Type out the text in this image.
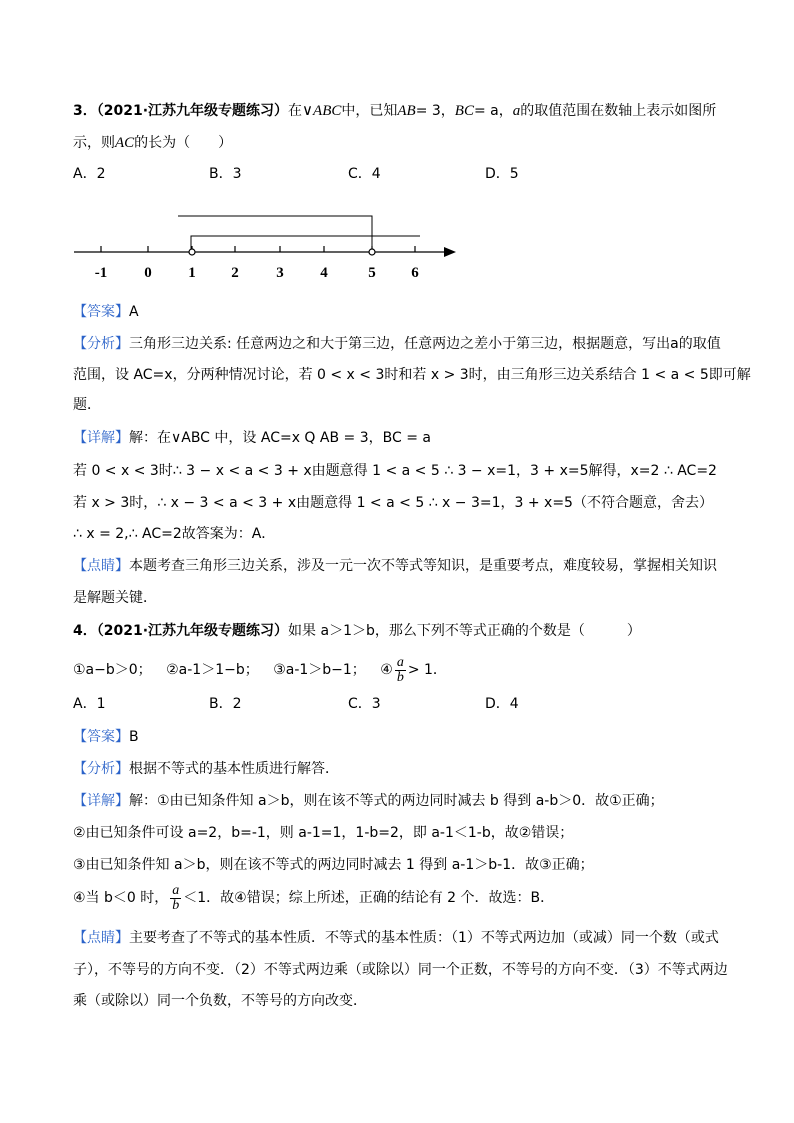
3．（2021·江苏九年级专题练习）在∨ABC中，已知AB= 3，BC= a，a的取值范围在数轴上表示如图所
示，则AC的长为（　　）
A．2	B．3	C．4	D．5
-1 0 1 2	3 4	5 6
【答案】A
【分析】三角形三边关系: 任意两边之和大于第三边，任意两边之差小于第三边，根据题意，写出a的取值
范围，设 AC=x，分两种情况讨论，若 0 < x < 3时和若 x > 3时，由三角形三边关系结合 1 < a < 5即可解
题．
【详解】解：在∨ABC 中，设 AC=x Q AB = 3，BC = a
若 0 < x < 3时∴ 3 − x < a < 3 + x由题意得 1 < a < 5 ∴ 3 − x=1，3 + x=5解得，x=2 ∴ AC=2
若 x > 3时，∴ x − 3 < a < 3 + x由题意得 1 < a < 5 ∴ x − 3=1，3 + x=5（不符合题意，舍去）
∴ x = 2,∴ AC=2故答案为：A．
【点睛】本题考查三角形三边关系，涉及一元一次不等式等知识，是重要考点，难度较易，掌握相关知识
是解题关键．
4．（2021·江苏九年级专题练习）如果 a＞1＞b，那么下列不等式正确的个数是（　　　）
①a−b＞0； ②a-1＞1−b； ③a-1＞b−1； ④ $\frac{a}{b} > 1$．
A．1	B．2	C．3	D．4
【答案】B
【分析】根据不等式的基本性质进行解答．
【详解】解：①由已知条件知 a＞b，则在该不等式的两边同时减去 b 得到 a-b＞0．故①正确；
②由已知条件可设 a=2，b=-1，则 a-1=1，1-b=2，即 a-1＜1-b，故②错误；
③由已知条件知 a＞b，则在该不等式的两边同时减去 1 得到 a-1＞b-1．故③正确；
④当 b＜0 时， $\frac{a}{b} <1$．故④错误；综上所述，正确的结论有 2 个．故选：B．
【点睛】主要考查了不等式的基本性质．不等式的基本性质：（1）不等式两边加（或减）同一个数（或式
子），不等号的方向不变．（2）不等式两边乘（或除以）同一个正数，不等号的方向不变．（3）不等式两边
乘（或除以）同一个负数，不等号的方向改变．
